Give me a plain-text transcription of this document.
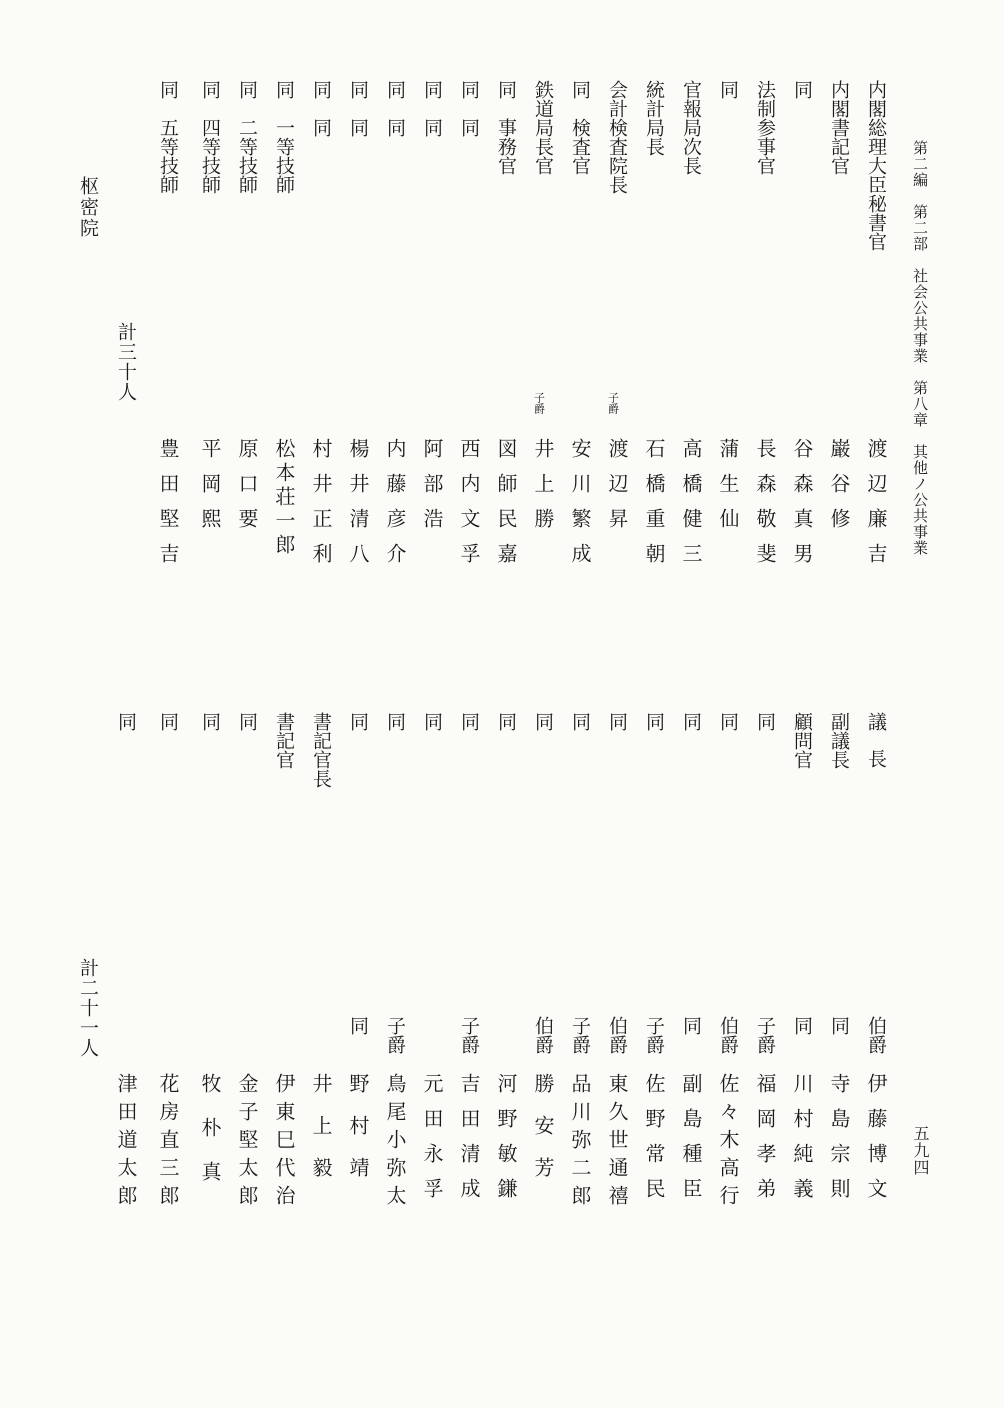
第二編　第二部　社会公共事業　第八章　其他ノ公共事業
五九四
内閣総理大臣秘書官
渡辺廉吉
内閣書記官
巌谷修
同
谷森真男
法制参事官
長森敬斐
同
蒲生仙
官報局次長
高橋健三
統計局長
石橋重朝
会計検査院長
子爵
渡辺昇
同　検査官
安川繁成
鉄道局長官
子爵
井上勝
同　事務官
図師民嘉
同　同
西内文孚
同　同
阿部浩
同　同
内藤彦介
同　同
楊井清八
同　同
村井正利
同　一等技師
松本荘一郎
同　二等技師
原口要
同　四等技師
平岡熙
同　五等技師
豊田堅吉
計三十人
枢密院
議長
伯爵
伊藤博文
副議長
同
寺島宗則
顧問官
同
川村純義
同
子爵
福岡孝弟
同
伯爵
佐々木高行
同
同
副島種臣
同
子爵
佐野常民
同
伯爵
東久世通禧
同
子爵
品川弥二郎
同
伯爵
勝安芳
同
河野敏鎌
同
子爵
吉田清成
同
元田永孚
同
子爵
鳥尾小弥太
同
同
野村靖
書記官長
井上毅
書記官
伊東巳代治
同
金子堅太郎
同
牧朴真
同
花房直三郎
同
津田道太郎
計二十一人
